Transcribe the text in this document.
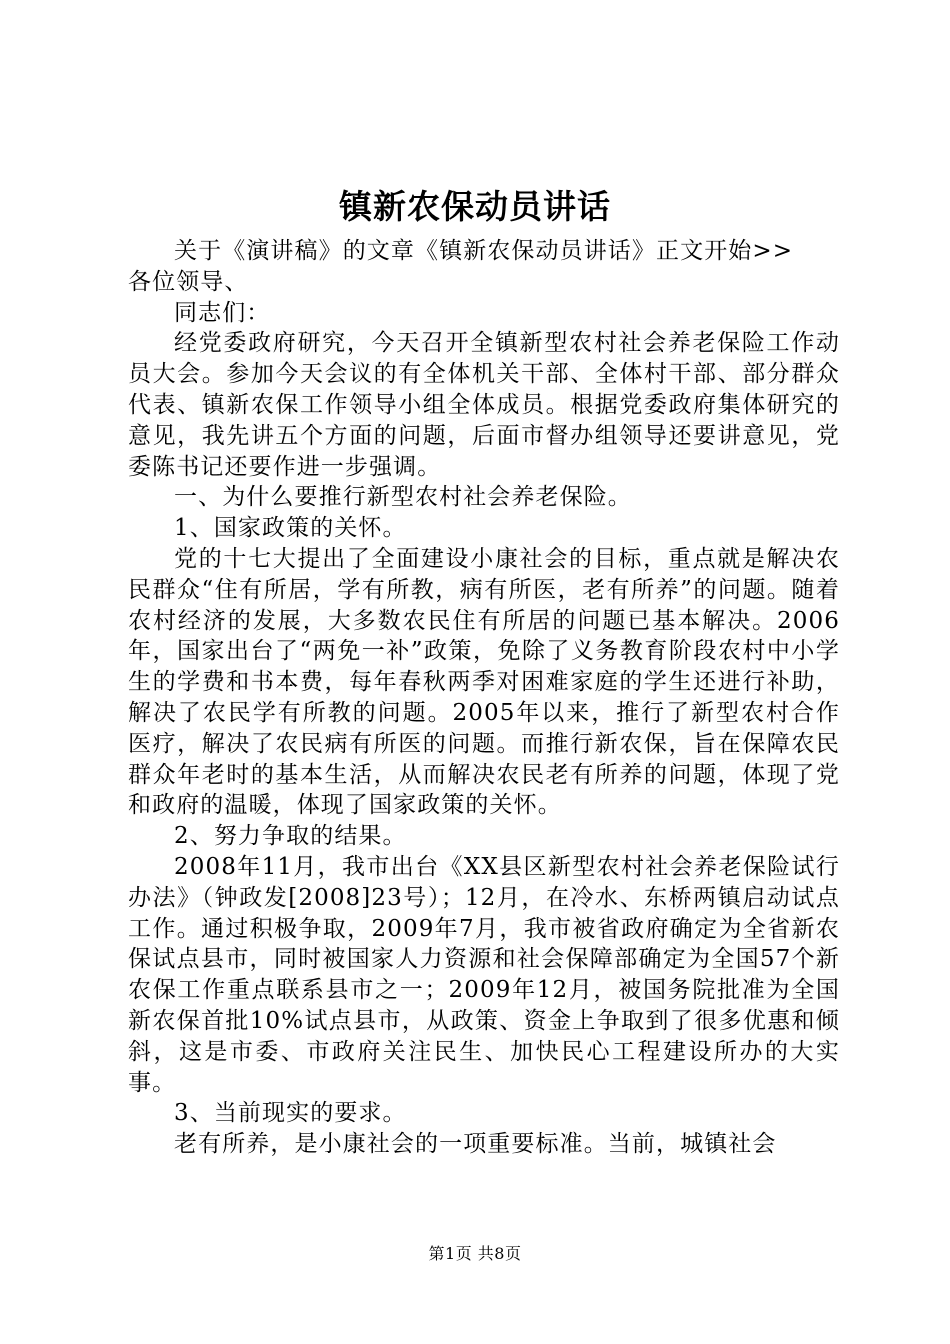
镇新农保动员讲话

关于《演讲稿》的文章《镇新农保动员讲话》正文开始>>

各位领导、

同志们：

经党委政府研究，今天召开全镇新型农村社会养老保险工作动员大会。参加今天会议的有全体机关干部、全体村干部、部分群众代表、镇新农保工作领导小组全体成员。根据党委政府集体研究的意见，我先讲五个方面的问题，后面市督办组领导还要讲意见，党委陈书记还要作进一步强调。

一、为什么要推行新型农村社会养老保险。

1、国家政策的关怀。

党的十七大提出了全面建设小康社会的目标，重点就是解决农民群众“住有所居，学有所教，病有所医，老有所养”的问题。随着农村经济的发展，大多数农民住有所居的问题已基本解决。2006年，国家出台了“两免一补”政策，免除了义务教育阶段农村中小学生的学费和书本费，每年春秋两季对困难家庭的学生还进行补助，解决了农民学有所教的问题。2005年以来，推行了新型农村合作医疗，解决了农民病有所医的问题。而推行新农保，旨在保障农民群众年老时的基本生活，从而解决农民老有所养的问题，体现了党和政府的温暖，体现了国家政策的关怀。

2、努力争取的结果。

2008年11月，我市出台《XX县区新型农村社会养老保险试行办法》（钟政发[2008]23号）；12月，在冷水、东桥两镇启动试点工作。通过积极争取，2009年7月，我市被省政府确定为全省新农保试点县市，同时被国家人力资源和社会保障部确定为全国57个新农保工作重点联系县市之一；2009年12月，被国务院批准为全国新农保首批10%试点县市，从政策、资金上争取到了很多优惠和倾斜，这是市委、市政府关注民生、加快民心工程建设所办的大实事。

3、当前现实的要求。

老有所养，是小康社会的一项重要标准。当前，城镇社会

第1页 共8页
